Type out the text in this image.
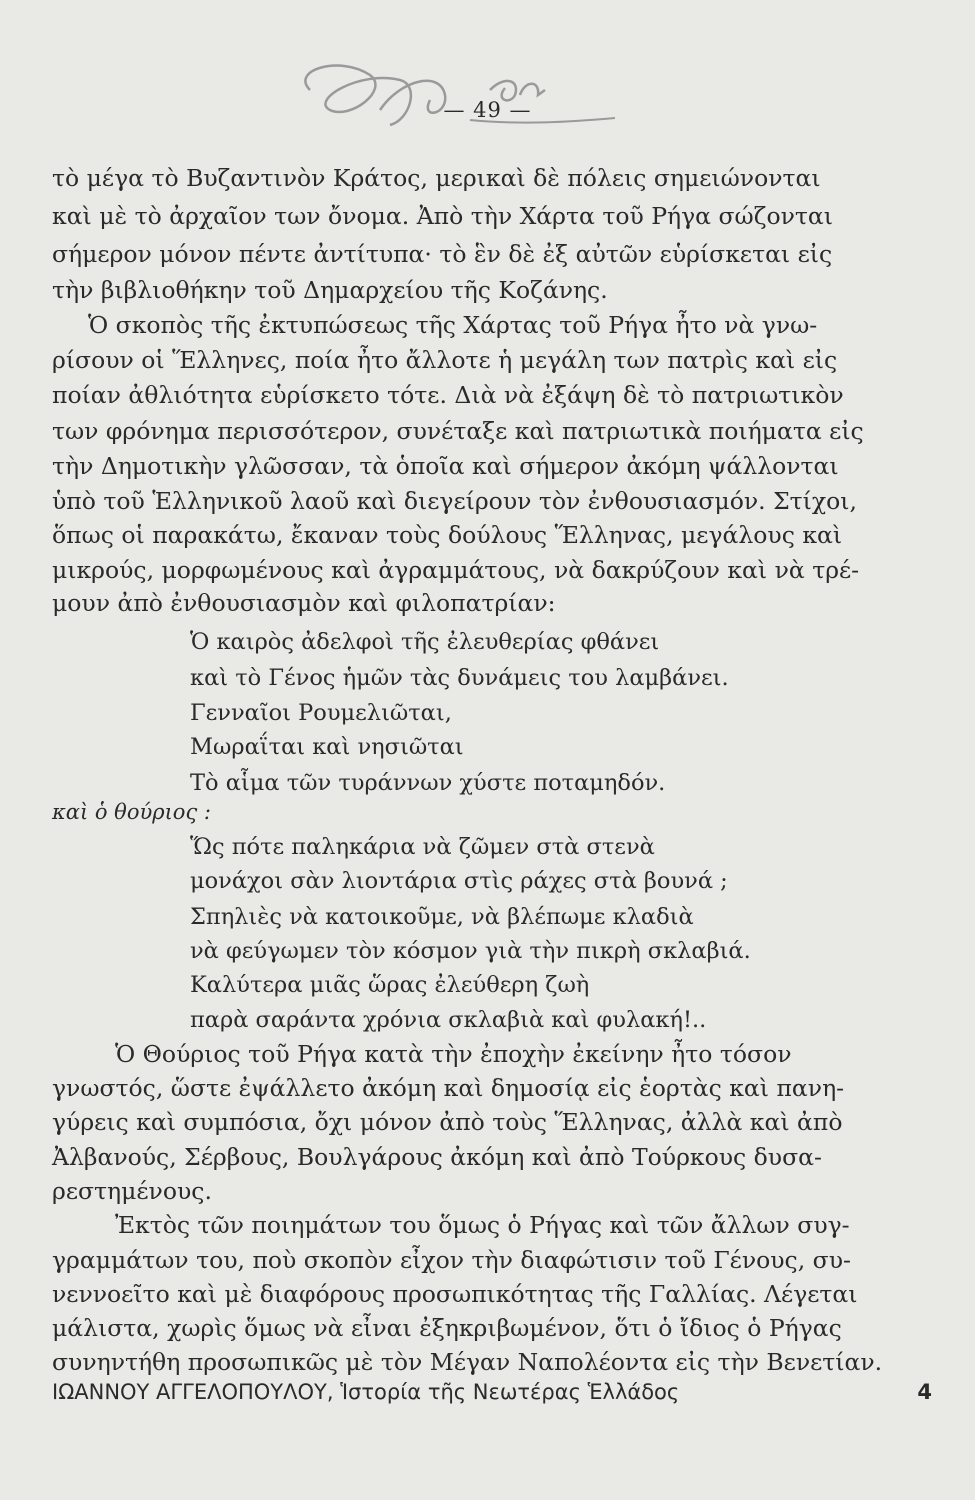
— 49 —
τὸ μέγα τὸ Βυζαντινὸν Κράτος, μερικαὶ δὲ πόλεις σημειώνονται
καὶ μὲ τὸ ἀρχαῖον των ὄνομα. Ἀπὸ τὴν Χάρτα τοῦ Ρήγα σώζονται
σήμερον μόνον πέντε ἀντίτυπα· τὸ ἓν δὲ ἐξ αὐτῶν εὑρίσκεται εἰς
τὴν βιβλιοθήκην τοῦ Δημαρχείου τῆς Κοζάνης.
Ὁ σκοπὸς τῆς ἐκτυπώσεως τῆς Χάρτας τοῦ Ρήγα ἦτο νὰ γνω-
ρίσουν οἱ Ἕλληνες, ποία ἦτο ἄλλοτε ἡ μεγάλη των πατρὶς καὶ εἰς
ποίαν ἀθλιότητα εὑρίσκετο τότε. Διὰ νὰ ἐξάψη δὲ τὸ πατριωτικὸν
των φρόνημα περισσότερον, συνέταξε καὶ πατριωτικὰ ποιήματα εἰς
τὴν Δημοτικὴν γλῶσσαν, τὰ ὁποῖα καὶ σήμερον ἀκόμη ψάλλονται
ὑπὸ τοῦ Ἑλληνικοῦ λαοῦ καὶ διεγείρουν τὸν ἐνθουσιασμόν. Στίχοι,
ὅπως οἱ παρακάτω, ἔκαναν τοὺς δούλους Ἕλληνας, μεγάλους καὶ
μικρούς, μορφωμένους καὶ ἀγραμμάτους, νὰ δακρύζουν καὶ νὰ τρέ-
μουν ἀπὸ ἐνθουσιασμὸν καὶ φιλοπατρίαν:
Ὁ καιρὸς ἀδελφοὶ τῆς ἐλευθερίας φθάνει
καὶ τὸ Γένος ἡμῶν τὰς δυνάμεις του λαμβάνει.
Γενναῖοι Ρουμελιῶται,
Μωραΐται καὶ νησιῶται
Τὸ αἷμα τῶν τυράννων χύστε ποταμηδόν.
καὶ ὁ θούριος :
Ὥς πότε παληκάρια νὰ ζῶμεν στὰ στενὰ
μονάχοι σὰν λιοντάρια στὶς ράχες στὰ βουνά ;
Σπηλιὲς νὰ κατοικοῦμε, νὰ βλέπωμε κλαδιὰ
νὰ φεύγωμεν τὸν κόσμον γιὰ τὴν πικρὴ σκλαβιά.
Καλύτερα μιᾶς ὥρας ἐλεύθερη ζωὴ
παρὰ σαράντα χρόνια σκλαβιὰ καὶ φυλακή!..
Ὁ Θούριος τοῦ Ρήγα κατὰ τὴν ἐποχὴν ἐκείνην ἦτο τόσον
γνωστός, ὥστε ἐψάλλετο ἀκόμη καὶ δημοσίᾳ εἰς ἑορτὰς καὶ πανη-
γύρεις καὶ συμπόσια, ὄχι μόνον ἀπὸ τοὺς Ἕλληνας, ἀλλὰ καὶ ἀπὸ
Ἀλβανούς, Σέρβους, Βουλγάρους ἀκόμη καὶ ἀπὸ Τούρκους δυσα-
ρεστημένους.
Ἐκτὸς τῶν ποιημάτων του ὅμως ὁ Ρήγας καὶ τῶν ἄλλων συγ-
γραμμάτων του, ποὺ σκοπὸν εἶχον τὴν διαφώτισιν τοῦ Γένους, συ-
νεννοεῖτο καὶ μὲ διαφόρους προσωπικότητας τῆς Γαλλίας. Λέγεται
μάλιστα, χωρὶς ὅμως νὰ εἶναι ἐξηκριβωμένον, ὅτι ὁ ἴδιος ὁ Ρήγας
συνηντήθη προσωπικῶς μὲ τὸν Μέγαν Ναπολέοντα εἰς τὴν Βενετίαν.
ΙΩΑΝΝΟΥ ΑΓΓΕΛΟΠΟΥΛΟΥ, Ἱστορία τῆς Νεωτέρας Ἑλλάδος	4
